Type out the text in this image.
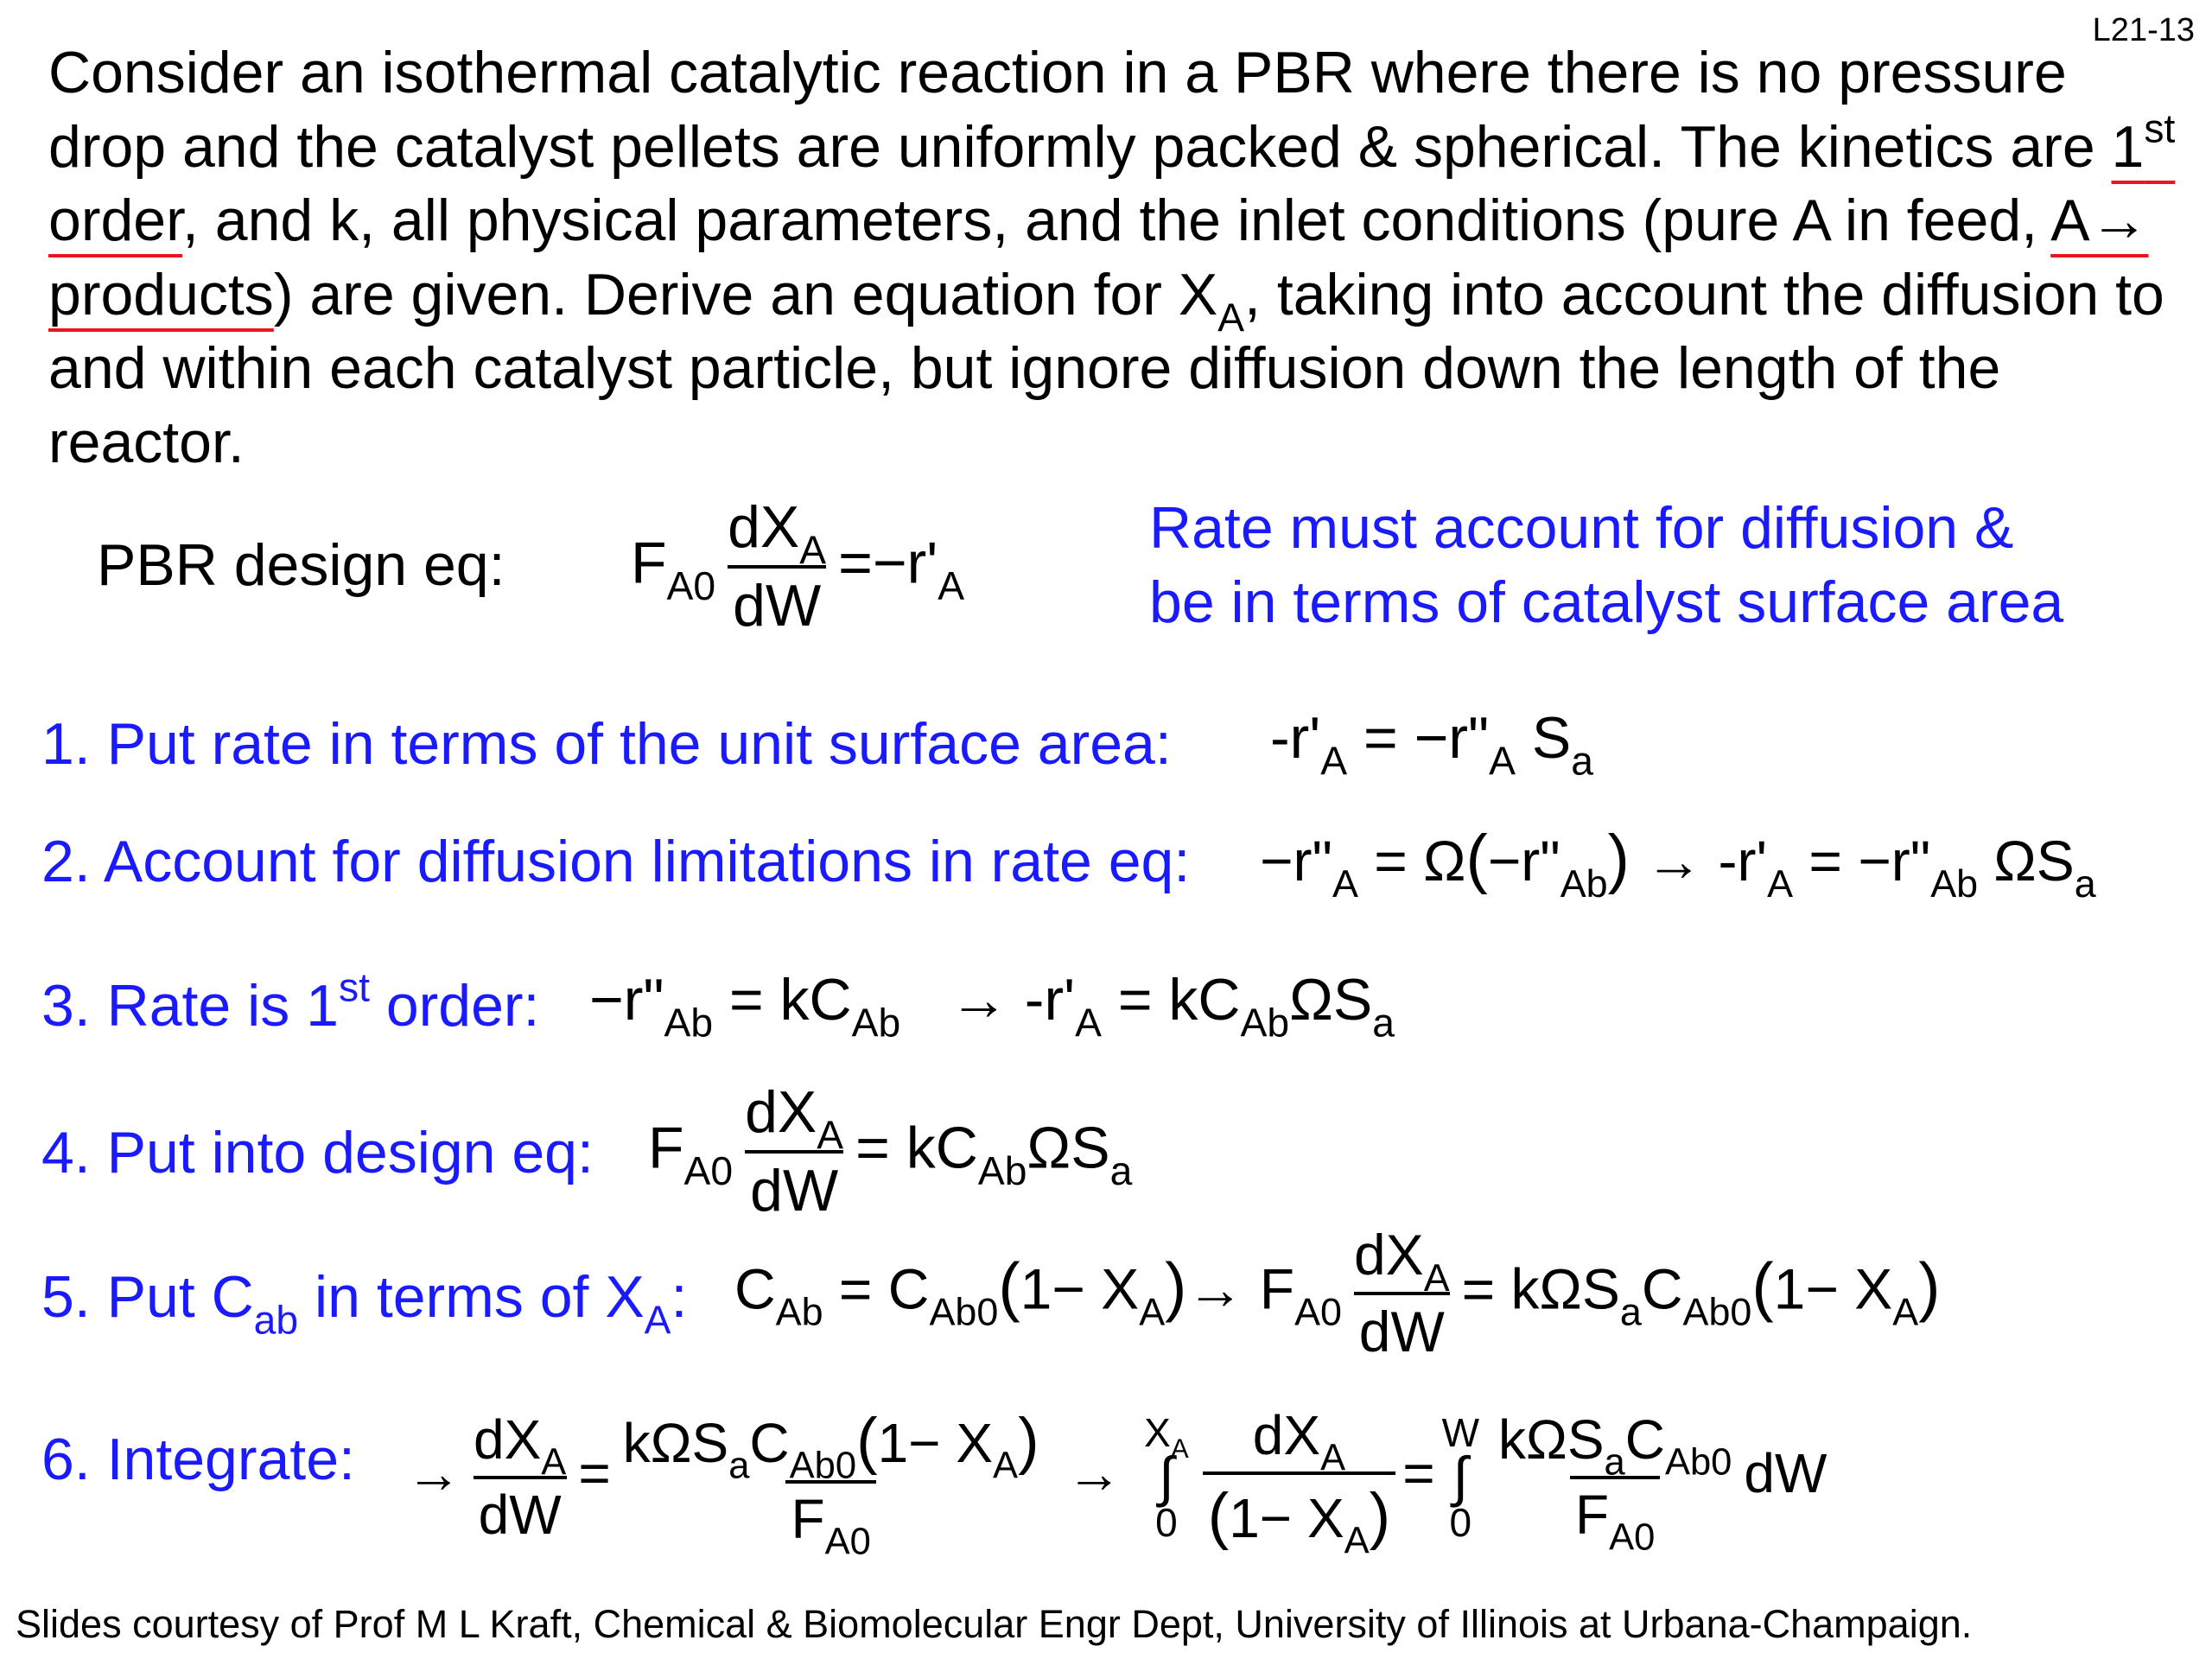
L21-13
Consider an isothermal catalytic reaction in a PBR where there is no pressure drop and the catalyst pellets are uniformly packed & spherical. The kinetics are 1st order, and k, all physical parameters, and the inlet conditions (pure A in feed, A→ products) are given. Derive an equation for $X_A$, taking into account the diffusion to and within each catalyst particle, but ignore diffusion down the length of the reactor.
PBR design eq: $F_{A0} \frac{dX_A}{dW} =-r'_A$
Rate must account for diffusion &
be in terms of catalyst surface area
1. Put rate in terms of the unit surface area: $-r'_A$ = $-r"_A$ $S_a$
2. Account for diffusion limitations in rate eq: $-r"_A$ = $\Omega(-r"_{Ab}) \to -r'_A$ = $-r"_{Ab}$ $\Omega S_a$
3. Rate is 1st order: $-r"_{Ab} = kC_{Ab} \to -r'_A = kC_{Ab}\Omega S_a$
4. Put into design eq: $F_{A0} \frac{dX_A}{dW} = kC_{Ab}\Omega S_a$
5. Put $C_{ab}$ in terms of $X_A$: $C_{Ab} = C_{Ab0}(1- X_A)\to F_{A0} \frac{dX_A}{dW} = k\Omega S_aC_{Ab0}(1- X_A)$
6. Integrate: → $\frac{dX_A}{dW} = \frac{k\Omega S_aC_{Ab0}(1- X_A)}{F_{A0}}$ →
$X_A$
∫
$0 \frac{dX_A}{(1- X_A)}$ =
W
∫
$0 \frac{k\Omega S_aC_{Ab0}}{F_{A0}}$ dW
Slides courtesy of Prof M L Kraft, Chemical & Biomolecular Engr Dept, University of Illinois at Urbana-Champaign.
